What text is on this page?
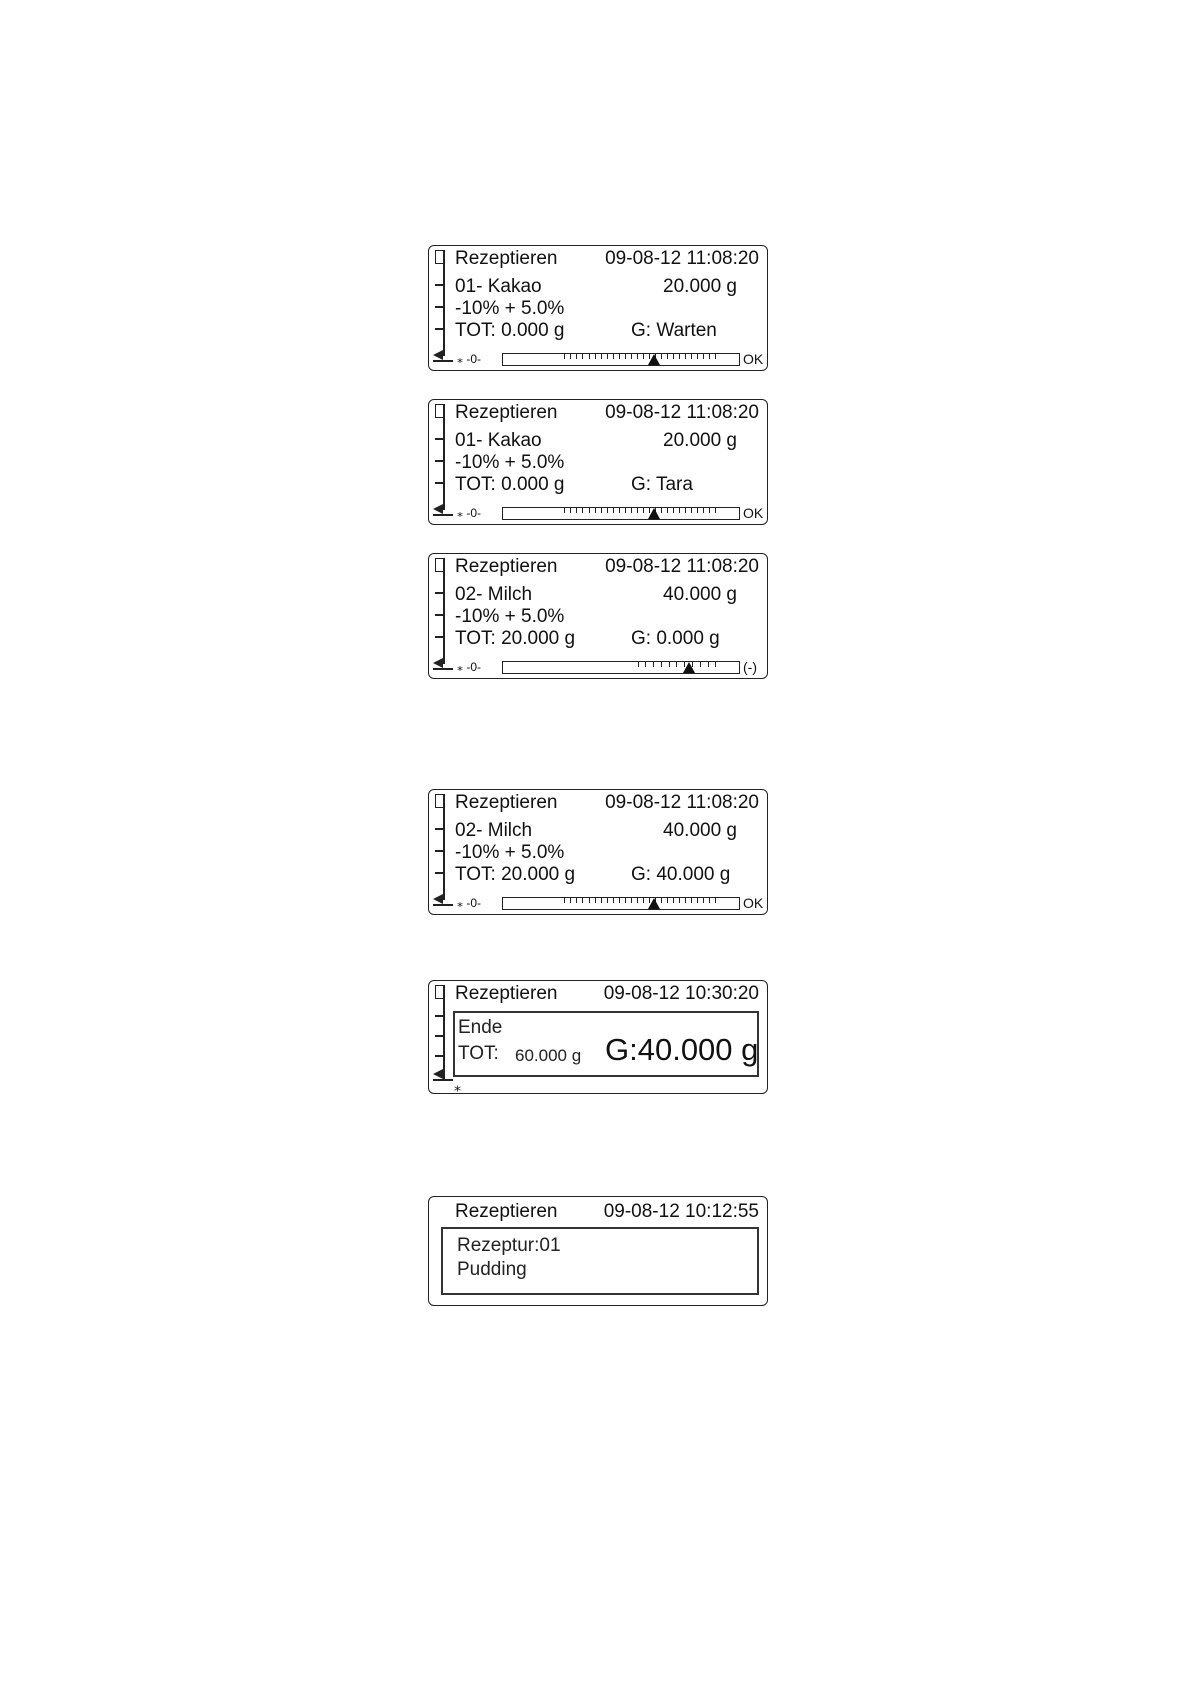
Rezeptieren	09-08-12 11:08:20
01- Kakao	20.000 g
-10% + 5.0%
TOT: 0.000 g	G: Warten
⁎ -0-	OK
Rezeptieren	09-08-12 11:08:20
01- Kakao	20.000 g
-10% + 5.0%
TOT: 0.000 g	G: Tara
⁎ -0-	OK
Rezeptieren	09-08-12 11:08:20
02- Milch	40.000 g
-10% + 5.0%
TOT: 20.000 g	G: 0.000 g
⁎ -0-	(-)
Rezeptieren	09-08-12 11:08:20
02- Milch	40.000 g
-10% + 5.0%
TOT: 20.000 g	G: 40.000 g
⁎ -0-	OK
Rezeptieren 09-08-12 10:30:20
Ende
TOT: 60.000 g G:40.000 g
⁎
Rezeptieren 09-08-12 10:12:55
Rezeptur:01
Pudding
